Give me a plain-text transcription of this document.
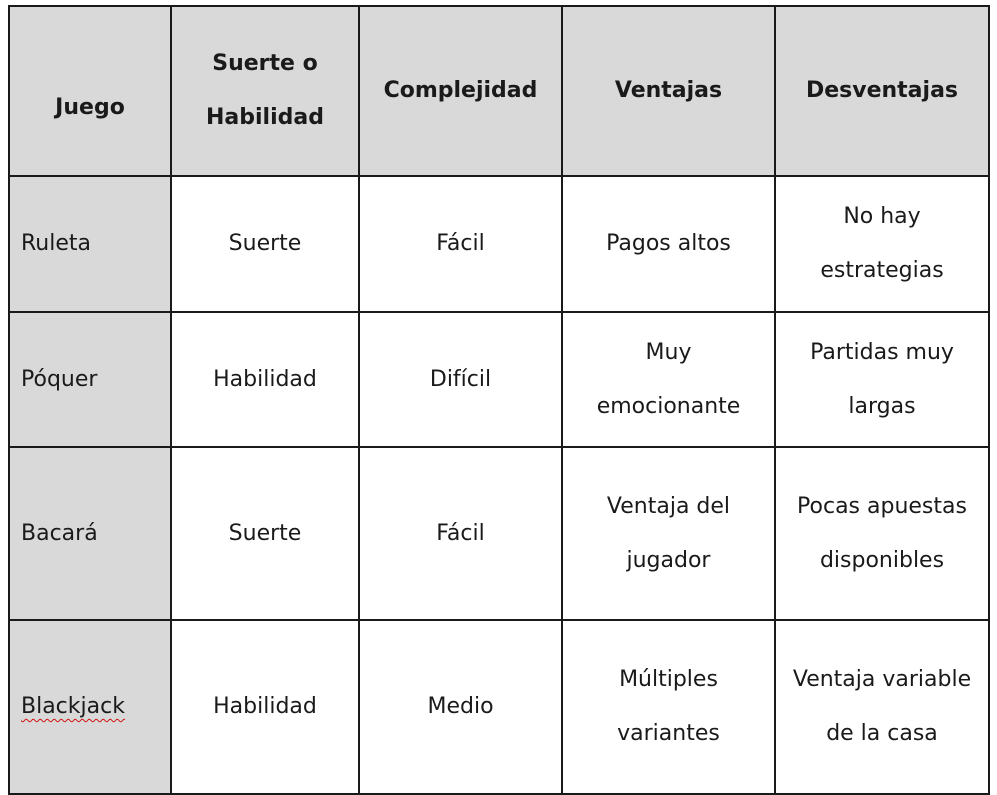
Juego	Suerte o Habilidad	Complejidad	Ventajas	Desventajas
Ruleta	Suerte	Fácil	Pagos altos	No hay estrategias
Póquer	Habilidad	Difícil	Muy emocionante	Partidas muy largas
Bacará	Suerte	Fácil	Ventaja del jugador	Pocas apuestas disponibles
Blackjack	Habilidad	Medio	Múltiples variantes	Ventaja variable de la casa
